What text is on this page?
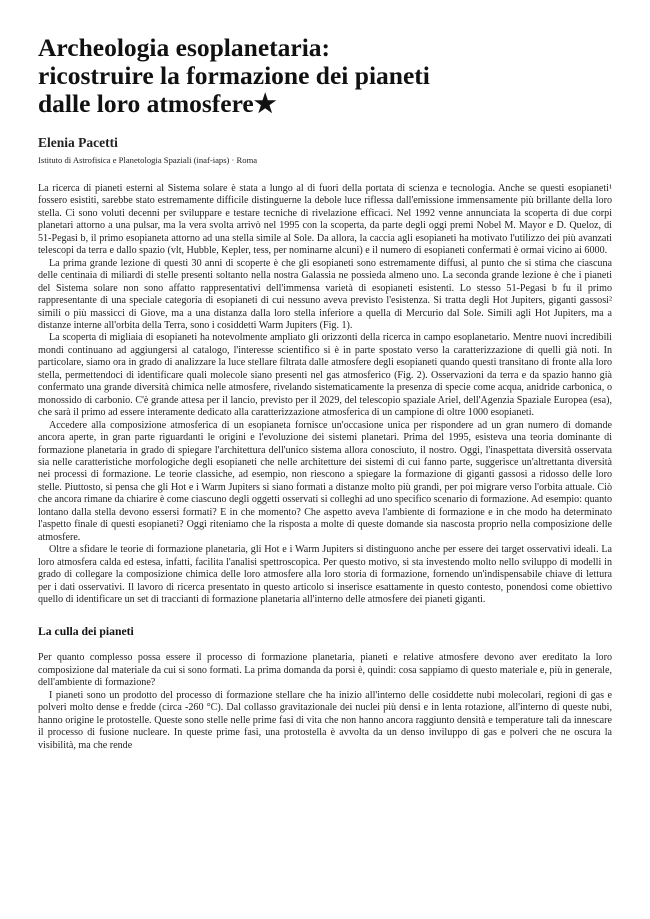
Archeologia esoplanetaria:
ricostruire la formazione dei pianeti
dalle loro atmosfere★
Elenia Pacetti
Istituto di Astrofisica e Planetologia Spaziali (inaf-iaps) · Roma

La ricerca di pianeti esterni al Sistema solare è stata a lungo al di fuori della portata di scienza e tecnologia. Anche se questi esopianeti¹ fossero esistiti, sarebbe stato estremamente difficile distinguerne la debole luce riflessa dall'emissione immensamente più brillante della loro stella. Ci sono voluti decenni per sviluppare e testare tecniche di rivelazione efficaci. Nel 1992 venne annunciata la scoperta di due corpi planetari attorno a una pulsar, ma la vera svolta arrivò nel 1995 con la scoperta, da parte degli oggi premi Nobel M. Mayor e D. Queloz, di 51-Pegasi b, il primo esopianeta attorno ad una stella simile al Sole. Da allora, la caccia agli esopianeti ha motivato l'utilizzo dei più avanzati telescopi da terra e dallo spazio (vlt, Hubble, Kepler, tess, per nominarne alcuni) e il numero di esopianeti confermati è ormai vicino ai 6000.

La prima grande lezione di questi 30 anni di scoperte è che gli esopianeti sono estremamente diffusi, al punto che si stima che ciascuna delle centinaia di miliardi di stelle presenti soltanto nella nostra Galassia ne possieda almeno uno. La seconda grande lezione è che i pianeti del Sistema solare non sono affatto rappresentativi dell'immensa varietà di esopianeti esistenti. Lo stesso 51-Pegasi b fu il primo rappresentante di una speciale categoria di esopianeti di cui nessuno aveva previsto l'esistenza. Si tratta degli Hot Jupiters, giganti gassosi² simili o più massicci di Giove, ma a una distanza dalla loro stella inferiore a quella di Mercurio dal Sole. Simili agli Hot Jupiters, ma a distanze interne all'orbita della Terra, sono i cosiddetti Warm Jupiters (Fig. 1).

La scoperta di migliaia di esopianeti ha notevolmente ampliato gli orizzonti della ricerca in campo esoplanetario. Mentre nuovi incredibili mondi continuano ad aggiungersi al catalogo, l'interesse scientifico si è in parte spostato verso la caratterizzazione di quelli già noti. In particolare, siamo ora in grado di analizzare la luce stellare filtrata dalle atmosfere degli esopianeti quando questi transitano di fronte alla loro stella, permettendoci di identificare quali molecole siano presenti nel gas atmosferico (Fig. 2). Osservazioni da terra e da spazio hanno già confermato una grande diversità chimica nelle atmosfere, rivelando sistematicamente la presenza di specie come acqua, anidride carbonica, o monossido di carbonio. C'è grande attesa per il lancio, previsto per il 2029, del telescopio spaziale Ariel, dell'Agenzia Spaziale Europea (esa), che sarà il primo ad essere interamente dedicato alla caratterizzazione atmosferica di un campione di oltre 1000 esopianeti.

Accedere alla composizione atmosferica di un esopianeta fornisce un'occasione unica per rispondere ad un gran numero di domande ancora aperte, in gran parte riguardanti le origini e l'evoluzione dei sistemi planetari. Prima del 1995, esisteva una teoria dominante di formazione planetaria in grado di spiegare l'architettura dell'unico sistema allora conosciuto, il nostro. Oggi, l'inaspettata diversità osservata sia nelle caratteristiche morfologiche degli esopianeti che nelle architetture dei sistemi di cui fanno parte, suggerisce un'altrettanta diversità nei processi di formazione. Le teorie classiche, ad esempio, non riescono a spiegare la formazione di giganti gassosi a ridosso delle loro stelle. Piuttosto, si pensa che gli Hot e i Warm Jupiters si siano formati a distanze molto più grandi, per poi migrare verso l'orbita attuale. Ciò che ancora rimane da chiarire è come ciascuno degli oggetti osservati si colleghi ad uno specifico scenario di formazione. Ad esempio: quanto lontano dalla stella devono essersi formati? E in che momento? Che aspetto aveva l'ambiente di formazione e in che modo ha determinato l'aspetto finale di questi esopianeti? Oggi riteniamo che la risposta a molte di queste domande sia nascosta proprio nella composizione delle atmosfere.

Oltre a sfidare le teorie di formazione planetaria, gli Hot e i Warm Jupiters si distinguono anche per essere dei target osservativi ideali. La loro atmosfera calda ed estesa, infatti, facilita l'analisi spettroscopica. Per questo motivo, si sta investendo molto nello sviluppo di modelli in grado di collegare la composizione chimica delle loro atmosfere alla loro storia di formazione, fornendo un'indispensabile chiave di lettura per i dati osservativi. Il lavoro di ricerca presentato in questo articolo si inserisce esattamente in questo contesto, ponendosi come obiettivo quello di identificare un set di traccianti di formazione planetaria all'interno delle atmosfere dei pianeti giganti.

La culla dei pianeti

Per quanto complesso possa essere il processo di formazione planetaria, pianeti e relative atmosfere devono aver ereditato la loro composizione dal materiale da cui si sono formati. La prima domanda da porsi è, quindi: cosa sappiamo di questo materiale e, più in generale, dell'ambiente di formazione?

I pianeti sono un prodotto del processo di formazione stellare che ha inizio all'interno delle cosiddette nubi molecolari, regioni di gas e polveri molto dense e fredde (circa -260 °C). Dal collasso gravitazionale dei nuclei più densi e in lenta rotazione, all'interno di queste nubi, hanno origine le protostelle. Queste sono stelle nelle prime fasi di vita che non hanno ancora raggiunto densità e temperature tali da innescare il processo di fusione nucleare. In queste prime fasi, una protostella è avvolta da un denso inviluppo di gas e polveri che ne oscura la visibilità, ma che rende
